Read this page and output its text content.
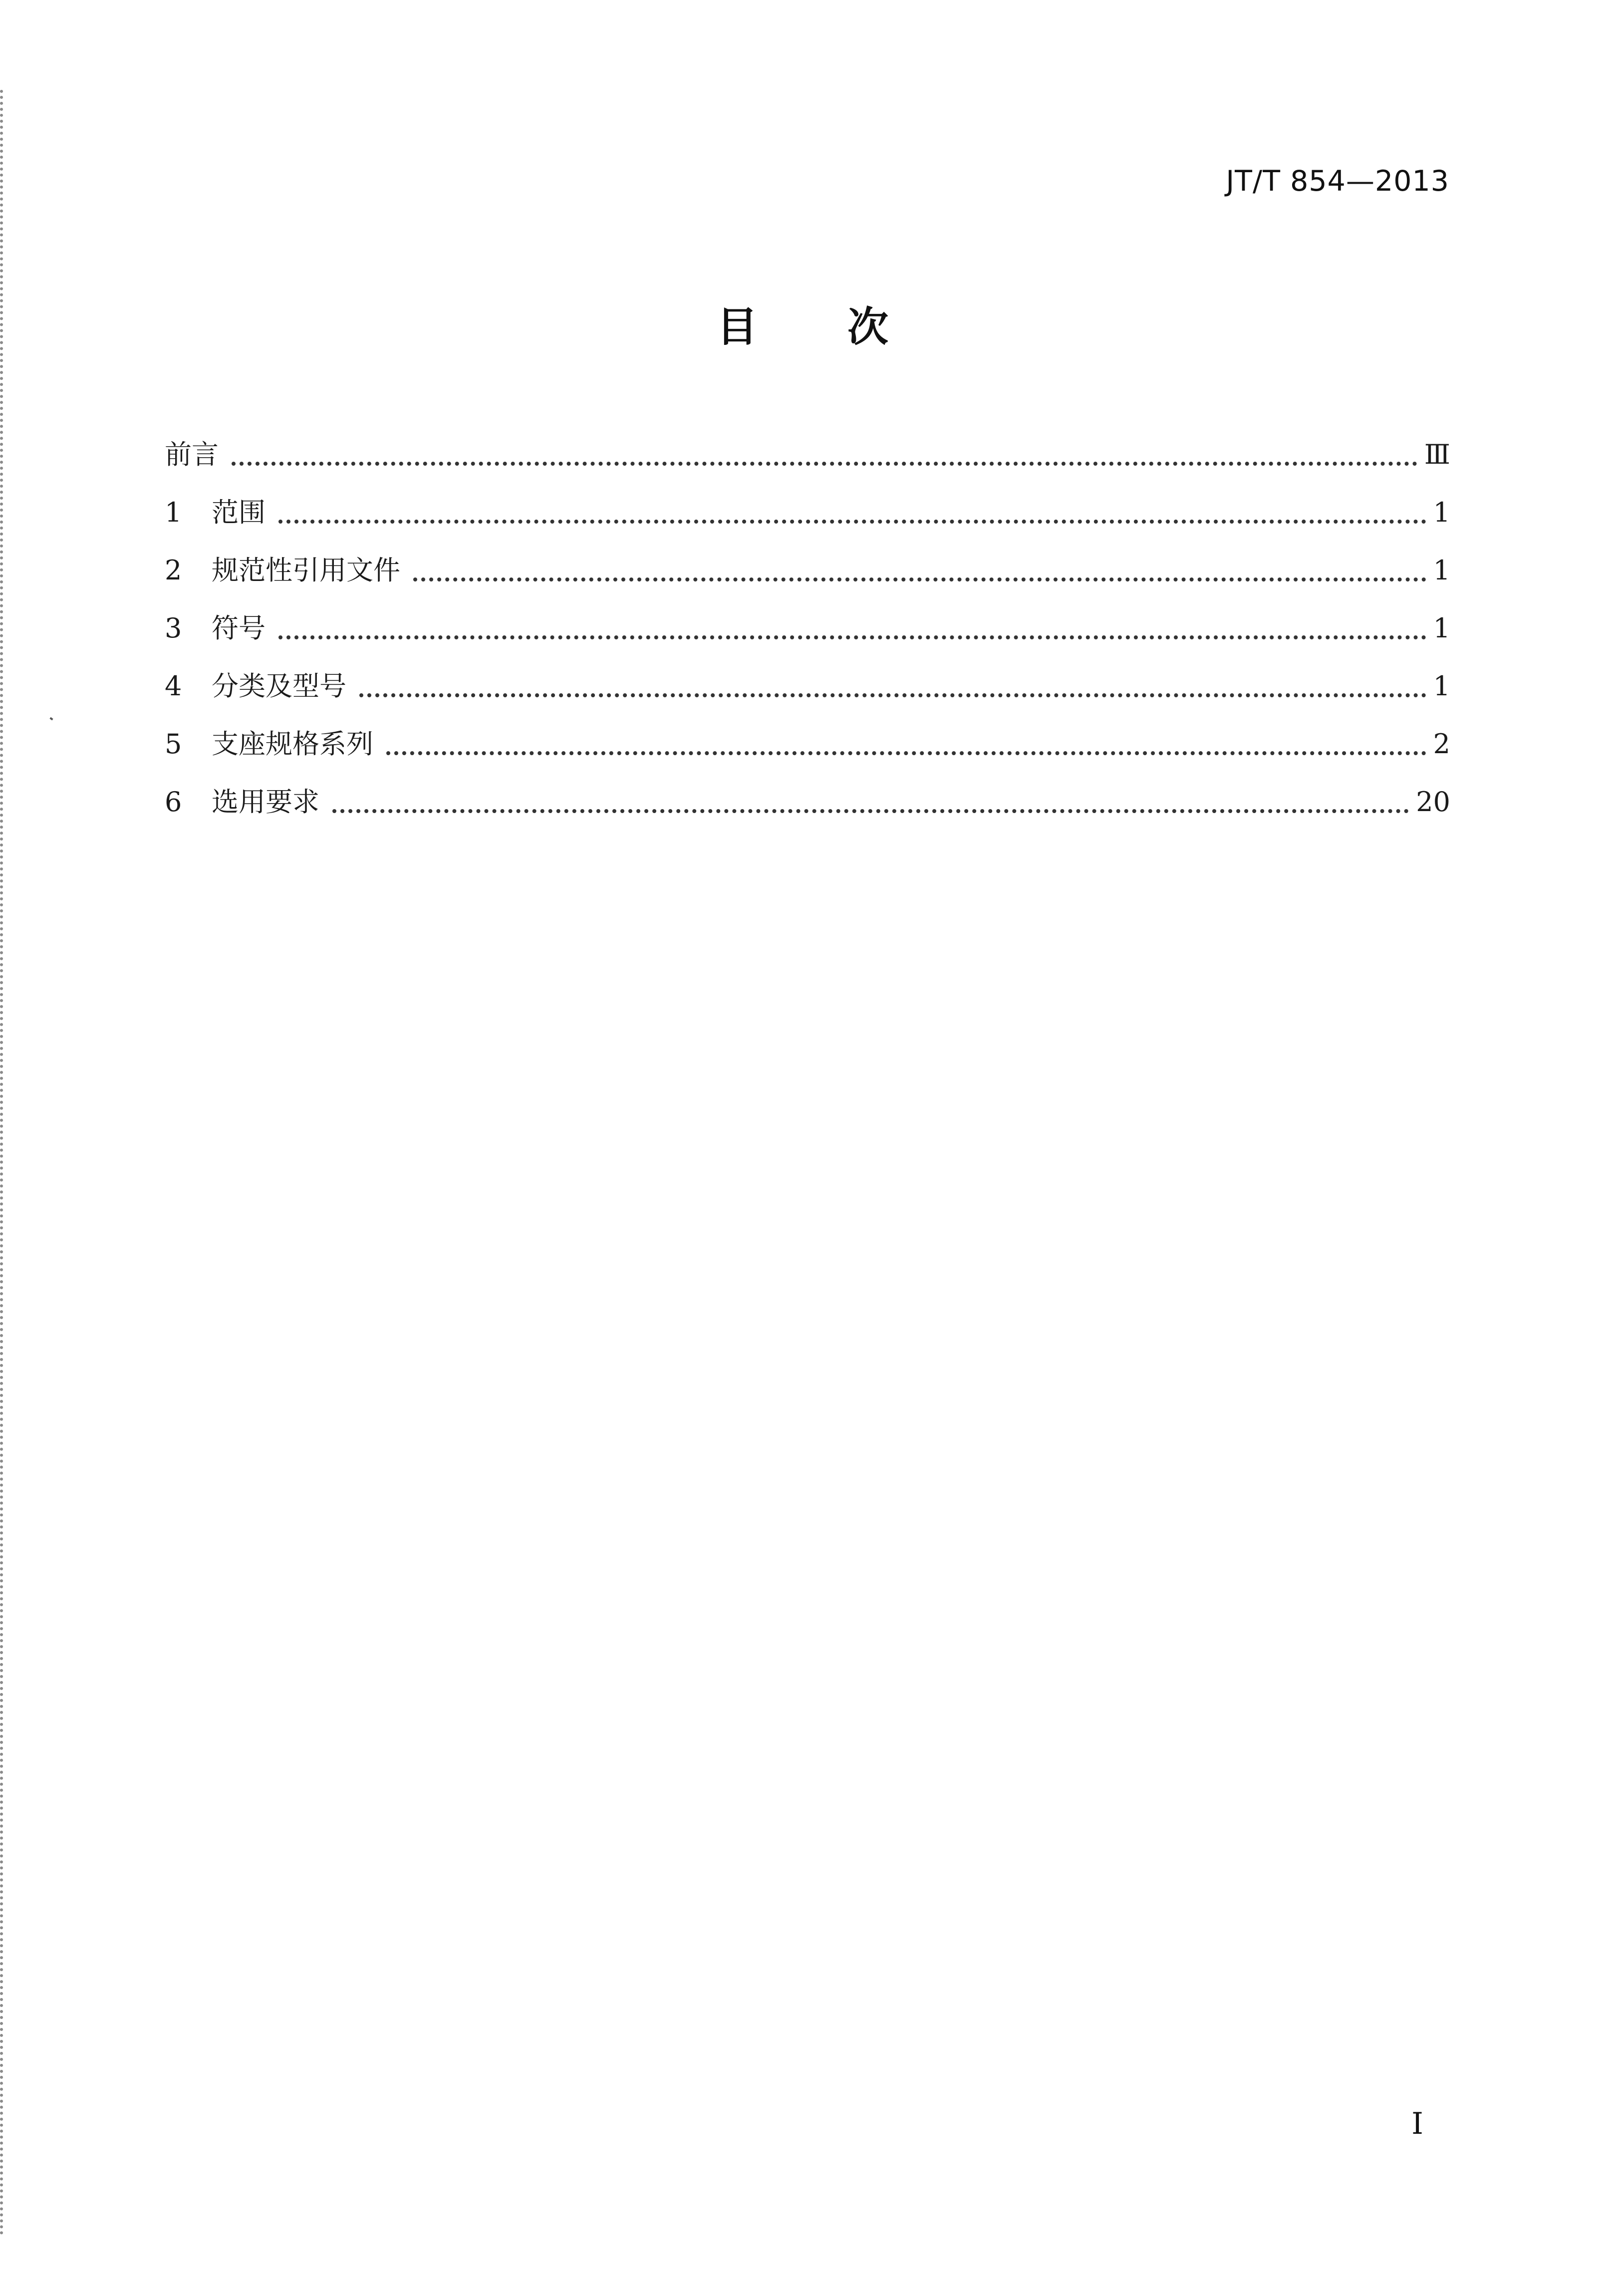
JT/T 854—2013
目次
前言	Ⅲ
1	范围	1
2	规范性引用文件	1
3	符号	1
4	分类及型号	1
5	支座规格系列	2
6	选用要求	20
I
